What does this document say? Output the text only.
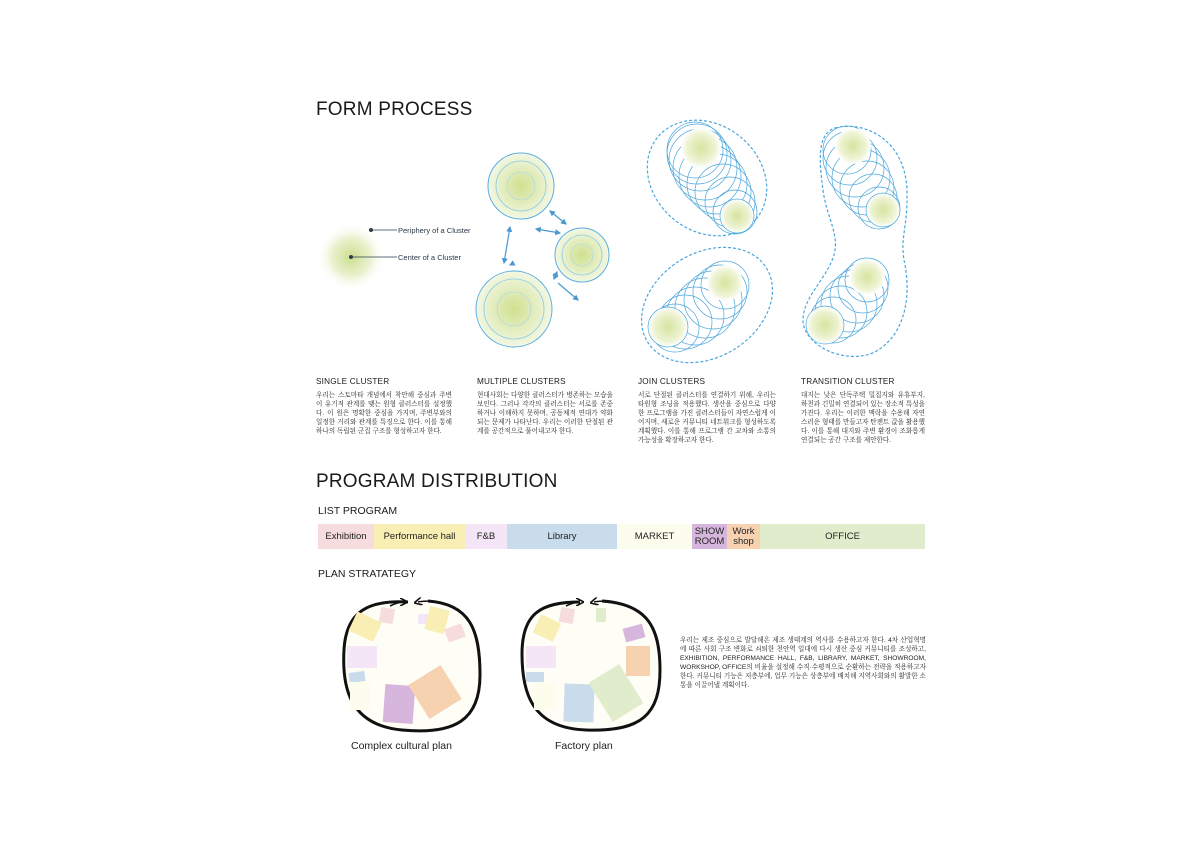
FORM PROCESS
Periphery of a Cluster
Center of a Cluster
SINGLE CLUSTER
우리는 스토마타 개념에서 착안해 중심과 주변이 유기적 관계를 맺는 원형 클러스터를 설정했다. 이 원은 명확한 중심을 가지며, 주변부와의 일정한 거리와 관계를 특징으로 한다. 이를 통해 하나의 독립된 군집 구조를 형성하고자 한다.
MULTIPLE CLUSTERS
현대사회는 다양한 클러스터가 병존하는 모습을 보인다. 그러나 각각의 클러스터는 서로를 존중하거나 이해하지 못하며, 공동체적 연대가 약화되는 문제가 나타난다. 우리는 이러한 단절된 관계를 공간적으로 풀어내고자 한다.
JOIN CLUSTERS
서로 단절된 클러스터를 연결하기 위해, 우리는 타원형 조닝을 적용했다. 생산을 중심으로 다양한 프로그램을 가진 클러스터들이 자연스럽게 이어지며, 새로운 커뮤니티 네트워크를 형성하도록 계획했다. 이를 통해 프로그램 간 교차와 소통의 가능성을 확장하고자 한다.
TRANSITION CLUSTER
대지는 낮은 단독주택 밀집지와 유휴부지, 하천과 긴밀히 연결되어 있는 장소적 특성을 가진다. 우리는 이러한 맥락을 수용해 자연스러운 형태를 만들고자 탄젠트 값을 활용했다. 이를 통해 대지와 주변 환경이 조화롭게 연결되는 공간 구조를 제안한다.
PROGRAM DISTRIBUTION
LIST PROGRAM
Exhibition	Performance hall	F&B	Library	MARKET	SHOW ROOM
Work shop	OFFICE
PLAN STRATATEGY
Complex cultural plan	Factory plan
우리는 제조 중심으로 발달해온 제조 생태계의 역사를 수용하고자 한다. 4차 산업혁명에 따른 사회 구조 변화로 쇠퇴한 천안역 일대에 다시 생산 중심 커뮤니티를 조성하고, EXHIBITION, PERFORMANCE HALL, F&B, LIBRARY, MARKET, SHOWROOM, WORKSHOP, OFFICE의 비율을 설정해 수직·수평적으로 순환하는 전략을 적용하고자 한다. 커뮤니티 기능은 저층부에, 업무 기능은 상층부에 배치해 지역사회와의 활발한 소통을 이끌어낼 계획이다.
